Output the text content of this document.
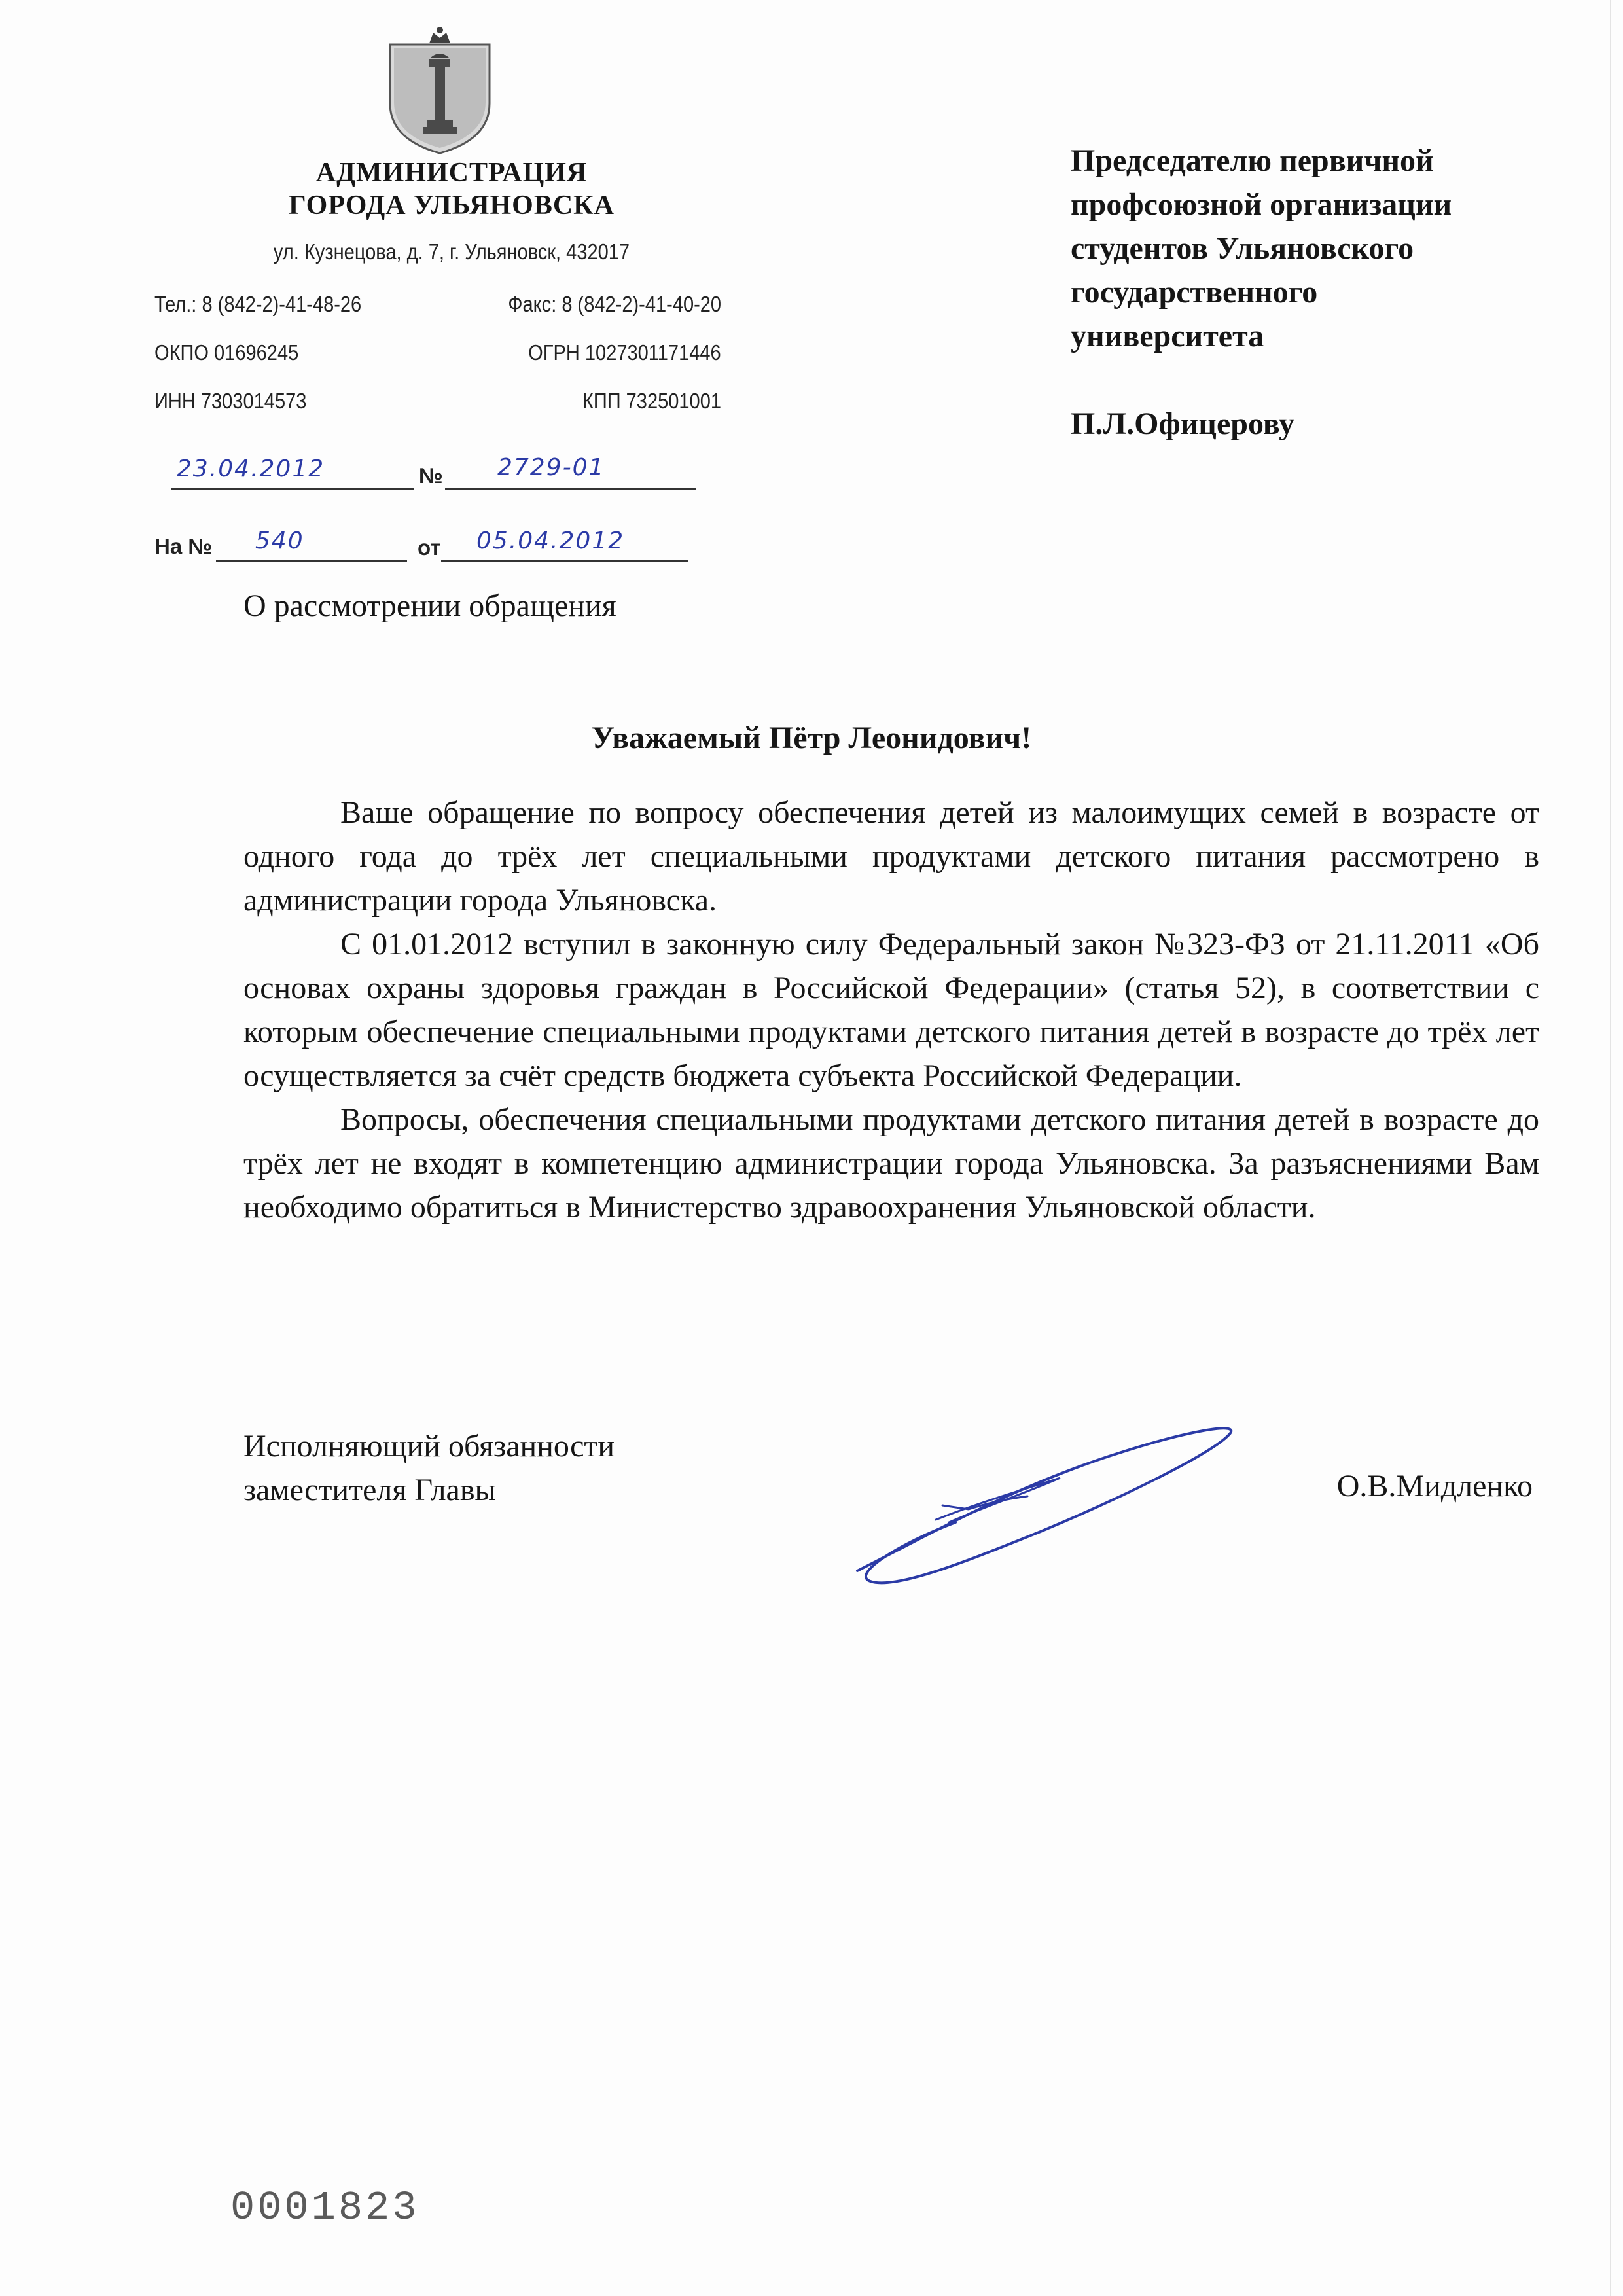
АДМИНИСТРАЦИЯ
ГОРОДА УЛЬЯНОВСКА
ул. Кузнецова, д. 7, г. Ульяновск, 432017
Тел.: 8 (842-2)-41-48-26	Факс: 8 (842-2)-41-40-20
ОКПО 01696245	ОГРН 1027301171446
ИНН 7303014573	КПП 732501001
23.04.2012	№ 2729-01
На № 540	от 05.04.2012
Председателю первичной
профсоюзной организации
студентов Ульяновского
государственного
университета
П.Л.Офицерову
О рассмотрении обращения
Уважаемый Пётр Леонидович!

Ваше обращение по вопросу обеспечения детей из малоимущих семей в возрасте от одного года до трёх лет специальными продуктами детского питания рассмотрено в администрации города Ульяновска.

С 01.01.2012 вступил в законную силу Федеральный закон №323-ФЗ от 21.11.2011 «Об основах охраны здоровья граждан в Российской Федерации» (статья 52), в соответствии с которым обеспечение специальными продуктами детского питания детей в возрасте до трёх лет осуществляется за счёт средств бюджета субъекта Российской Федерации.

Вопросы, обеспечения специальными продуктами детского питания детей в возрасте до трёх лет не входят в компетенцию администрации города Ульяновска. За разъяснениями Вам необходимо обратиться в Министерство здравоохранения Ульяновской области.

Исполняющий обязанности
заместителя Главы	О.В.Мидленко
0001823
